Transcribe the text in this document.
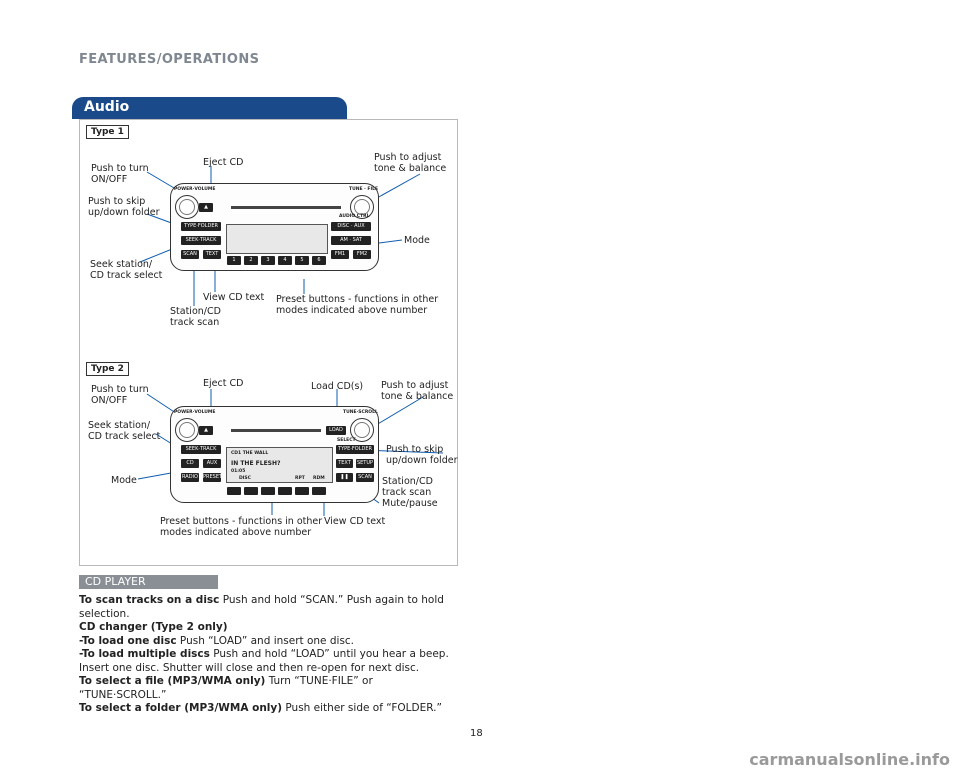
FEATURES/OPERATIONS
Audio
Type 1
Push to turn
ON/OFF
Push to skip
up/down folder
Seek station/
CD track select
Eject CD	Push to adjust
tone & balance
Mode
View CD text
Station/CD
track scan
Preset buttons - functions in other
modes indicated above number
POWER·VOLUME	TUNE · FILE
▲
AUDIO CTRL
TYPE·FOLDER
SEEK·TRACK
SCAN	TEXT
DISC · AUX
AM · SAT
FM1	FM2
1	2	3	4	5	6
Type 2
Push to turn
ON/OFF
Seek station/
CD track select
Mode
Eject CD	Load CD(s) Push to adjust
tone & balance
Push to skip
up/down folder
Station/CD
track scan
Mute/pause
View CD text
Preset buttons - functions in other
modes indicated above number
POWER·VOLUME	TUNE·SCROLL
▲	LOAD
SELECT
SEEK·TRACK
CD	AUX
RADIO PRESET
CD1 THE WALL
IN THE FLESH?
01:05
DISC	RPT RDM
TYPE·FOLDER
TEXT	SETUP
❚❚	SCAN
CD PLAYER

To scan tracks on a disc Push and hold “SCAN.” Push again to hold selection.

CD changer (Type 2 only)

-To load one disc Push “LOAD” and insert one disc.

-To load multiple discs Push and hold “LOAD” until you hear a beep. Insert one disc. Shutter will close and then re-open for next disc.

To select a file (MP3/WMA only) Turn “TUNE·FILE” or “TUNE·SCROLL.”

To select a folder (MP3/WMA only) Push either side of “FOLDER.”

18
carmanualsonline.info
